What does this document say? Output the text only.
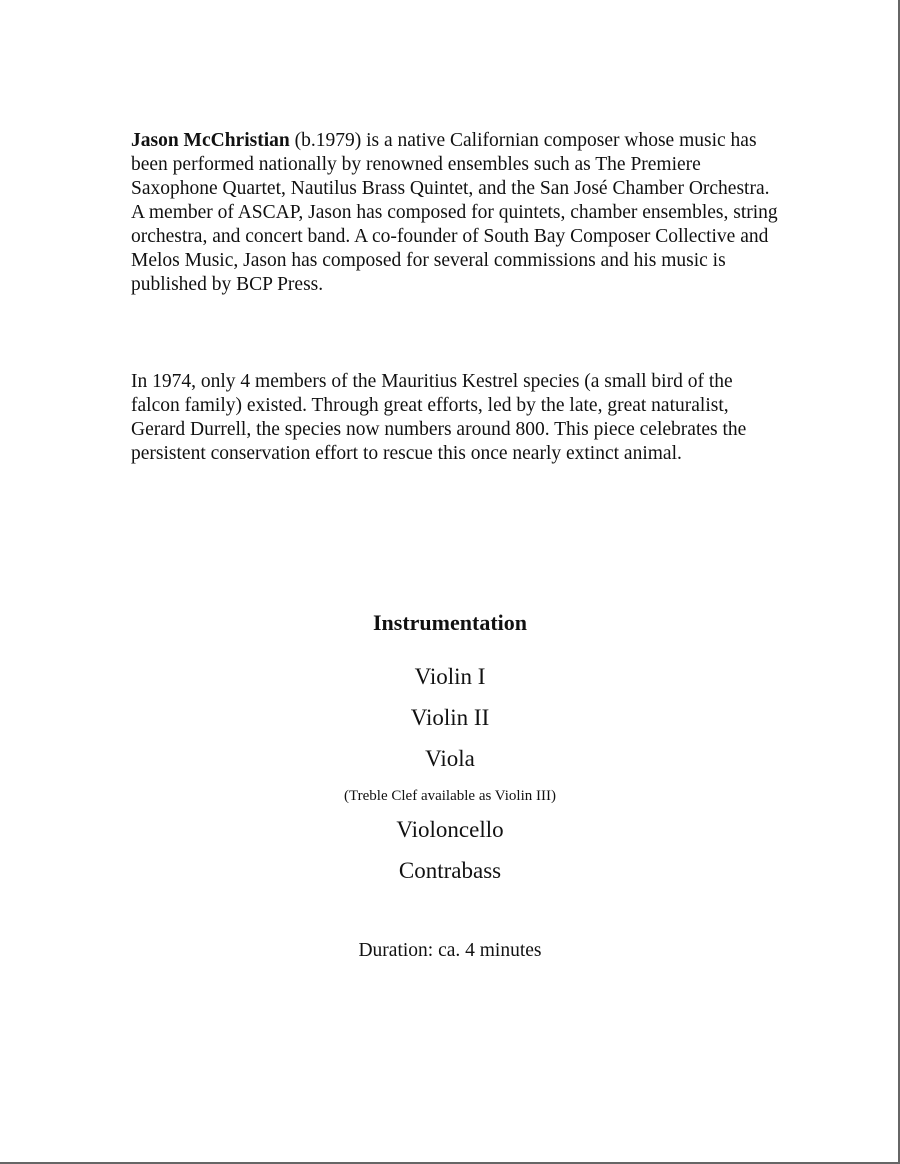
Jason McChristian (b.1979) is a native Californian composer whose music has been performed nationally by renowned ensembles such as The Premiere Saxophone Quartet, Nautilus Brass Quintet, and the San José Chamber Orchestra. A member of ASCAP, Jason has composed for quintets, chamber ensembles, string orchestra, and concert band. A co-founder of South Bay Composer Collective and Melos Music, Jason has composed for several commissions and his music is published by BCP Press.

In 1974, only 4 members of the Mauritius Kestrel species (a small bird of the falcon family) existed. Through great efforts, led by the late, great naturalist, Gerard Durrell, the species now numbers around 800. This piece celebrates the persistent conservation effort to rescue this once nearly extinct animal.

Instrumentation
Violin I
Violin II
Viola
(Treble Clef available as Violin III)
Violoncello
Contrabass
Duration: ca. 4 minutes
